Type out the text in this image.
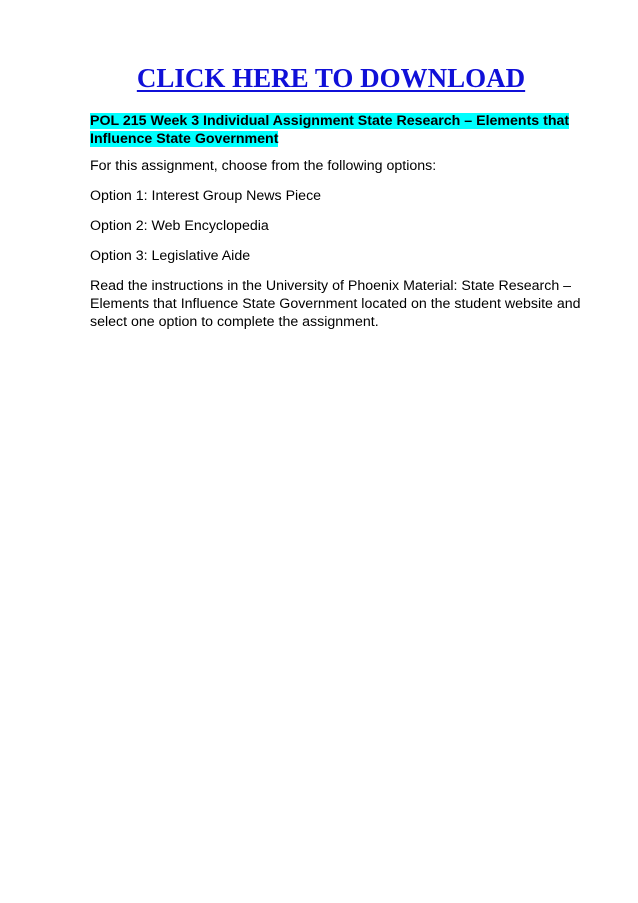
CLICK HERE TO DOWNLOAD

POL 215 Week 3 Individual Assignment State Research – Elements that Influence State Government

For this assignment, choose from the following options:

Option 1: Interest Group News Piece

Option 2: Web Encyclopedia

Option 3: Legislative Aide

Read the instructions in the University of Phoenix Material: State Research – Elements that Influence State Government located on the student website and select one option to complete the assignment.
